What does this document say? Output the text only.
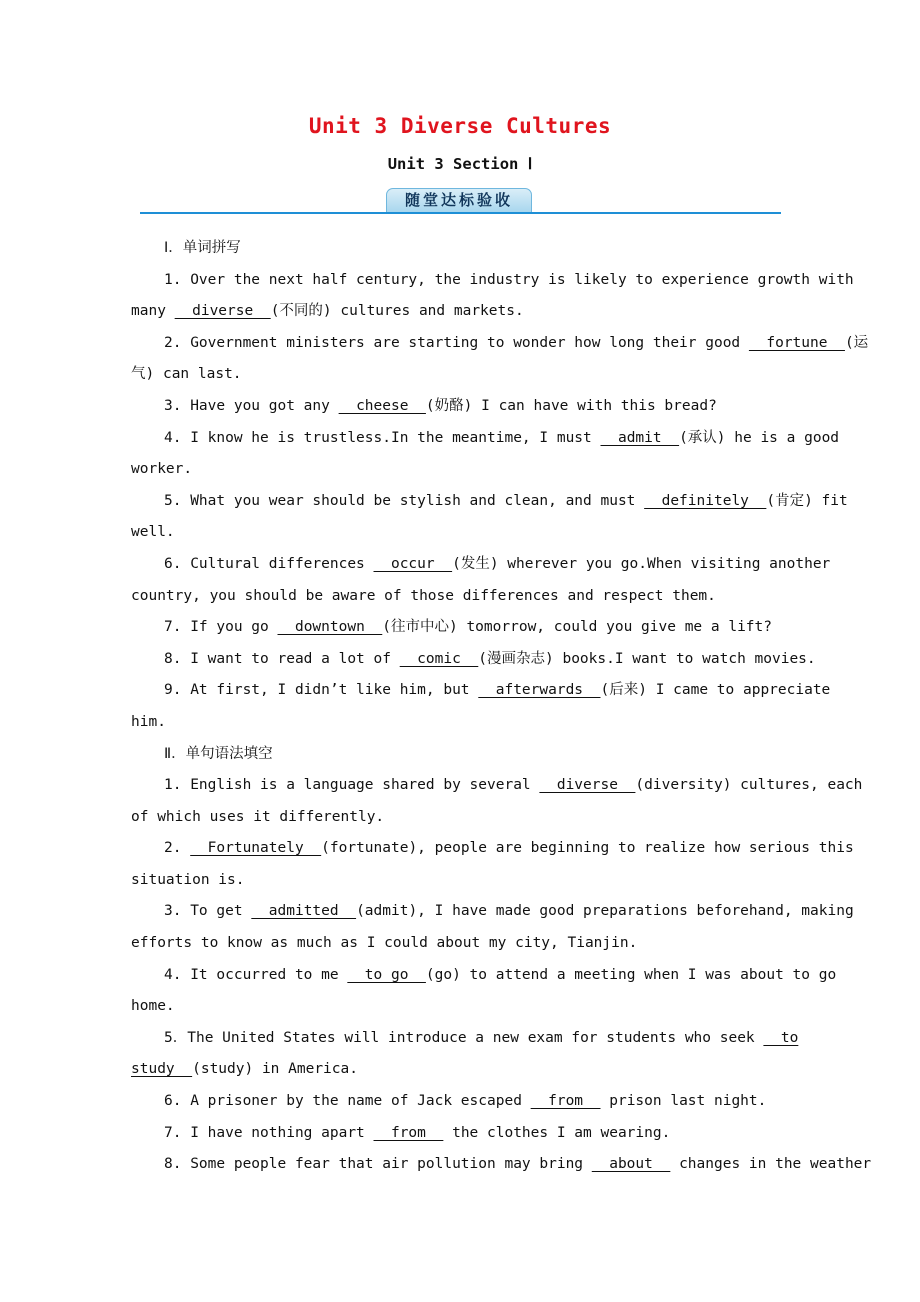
Unit 3 Diverse Cultures
Unit 3 Section Ⅰ
随堂达标验收
Ⅰ．单词拼写
1. Over the next half century, the industry is likely to experience growth with
many   diverse  (不同的) cultures and markets.
2. Government ministers are starting to wonder how long their good   fortune  (运
气) can last.
3. Have you got any   cheese  (奶酪) I can have with this bread?
4. I know he is trustless.In the meantime, I must   admit  (承认) he is a good
worker.
5. What you wear should be stylish and clean, and must   definitely  (肯定) fit
well.
6. Cultural differences   occur  (发生) wherever you go.When visiting another
country, you should be aware of those differences and respect them.
7. If you go   downtown  (往市中心) tomorrow, could you give me a lift?
8. I want to read a lot of   comic  (漫画杂志) books.I want to watch movies.
9. At first, I didn’t like him, but   afterwards  (后来) I came to appreciate
him.
Ⅱ．单句语法填空
1. English is a language shared by several   diverse  (diversity) cultures, each
of which uses it differently.
2.   Fortunately  (fortunate), people are beginning to realize how serious this
situation is.
3. To get   admitted  (admit), I have made good preparations beforehand, making
efforts to know as much as I could about my city, Tianjin.
4. It occurred to me   to go  (go) to attend a meeting when I was about to go
home.
5．The United States will introduce a new exam for students who seek   to
study  (study) in America.
6. A prisoner by the name of Jack escaped   from   prison last night.
7. I have nothing apart   from   the clothes I am wearing.
8. Some people fear that air pollution may bring   about   changes in the weather
